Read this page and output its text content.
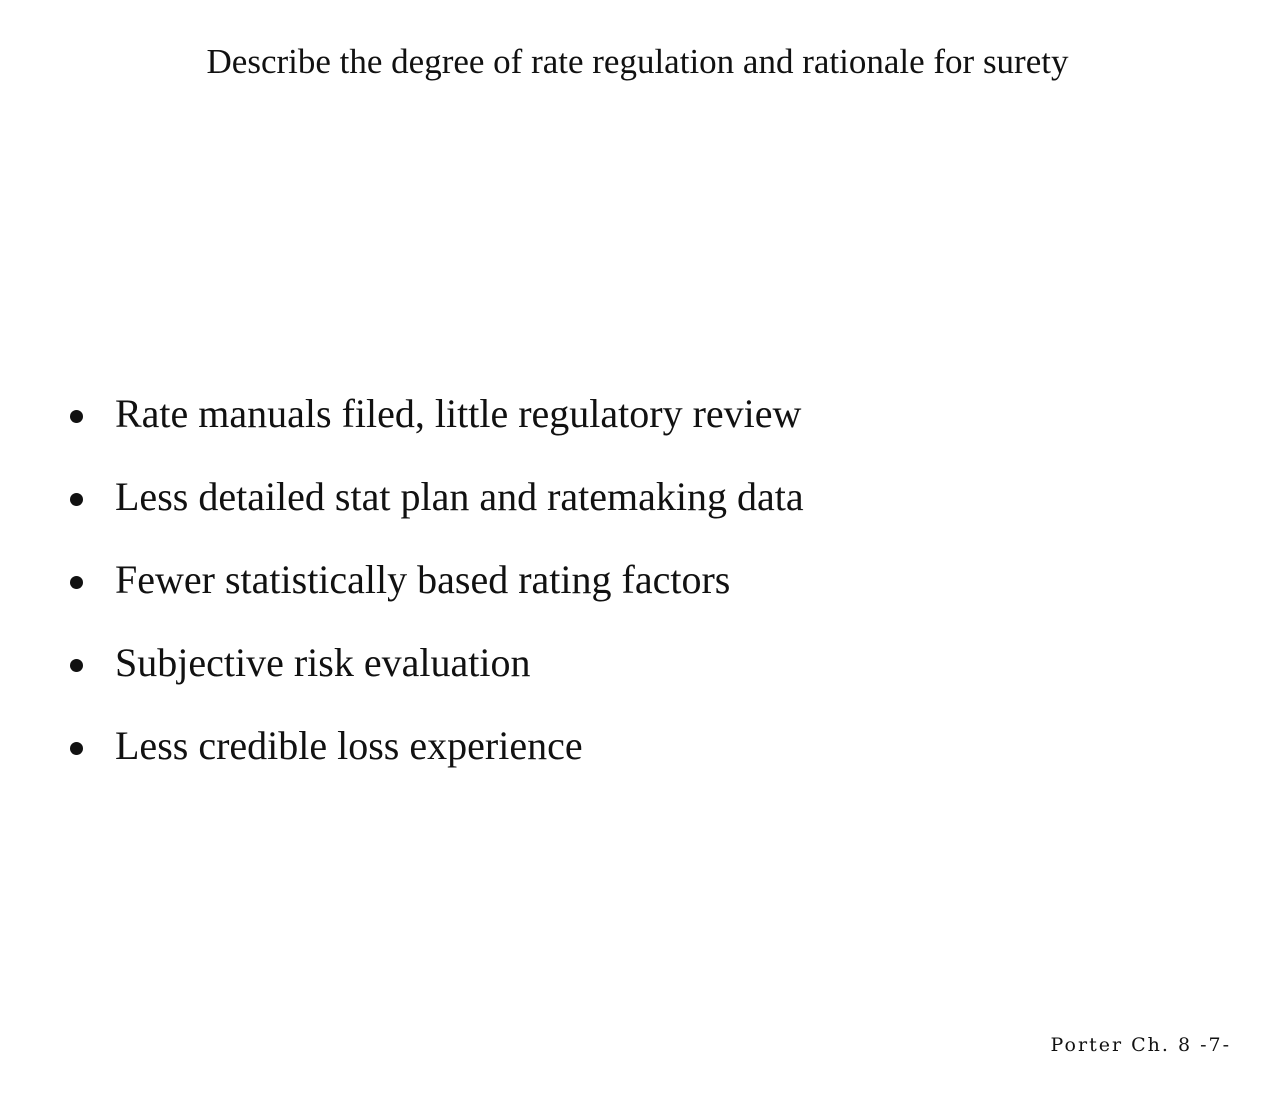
Describe the degree of rate regulation and rationale for surety
Rate manuals filed, little regulatory review
Less detailed stat plan and ratemaking data
Fewer statistically based rating factors
Subjective risk evaluation
Less credible loss experience
Porter Ch. 8 -7-
